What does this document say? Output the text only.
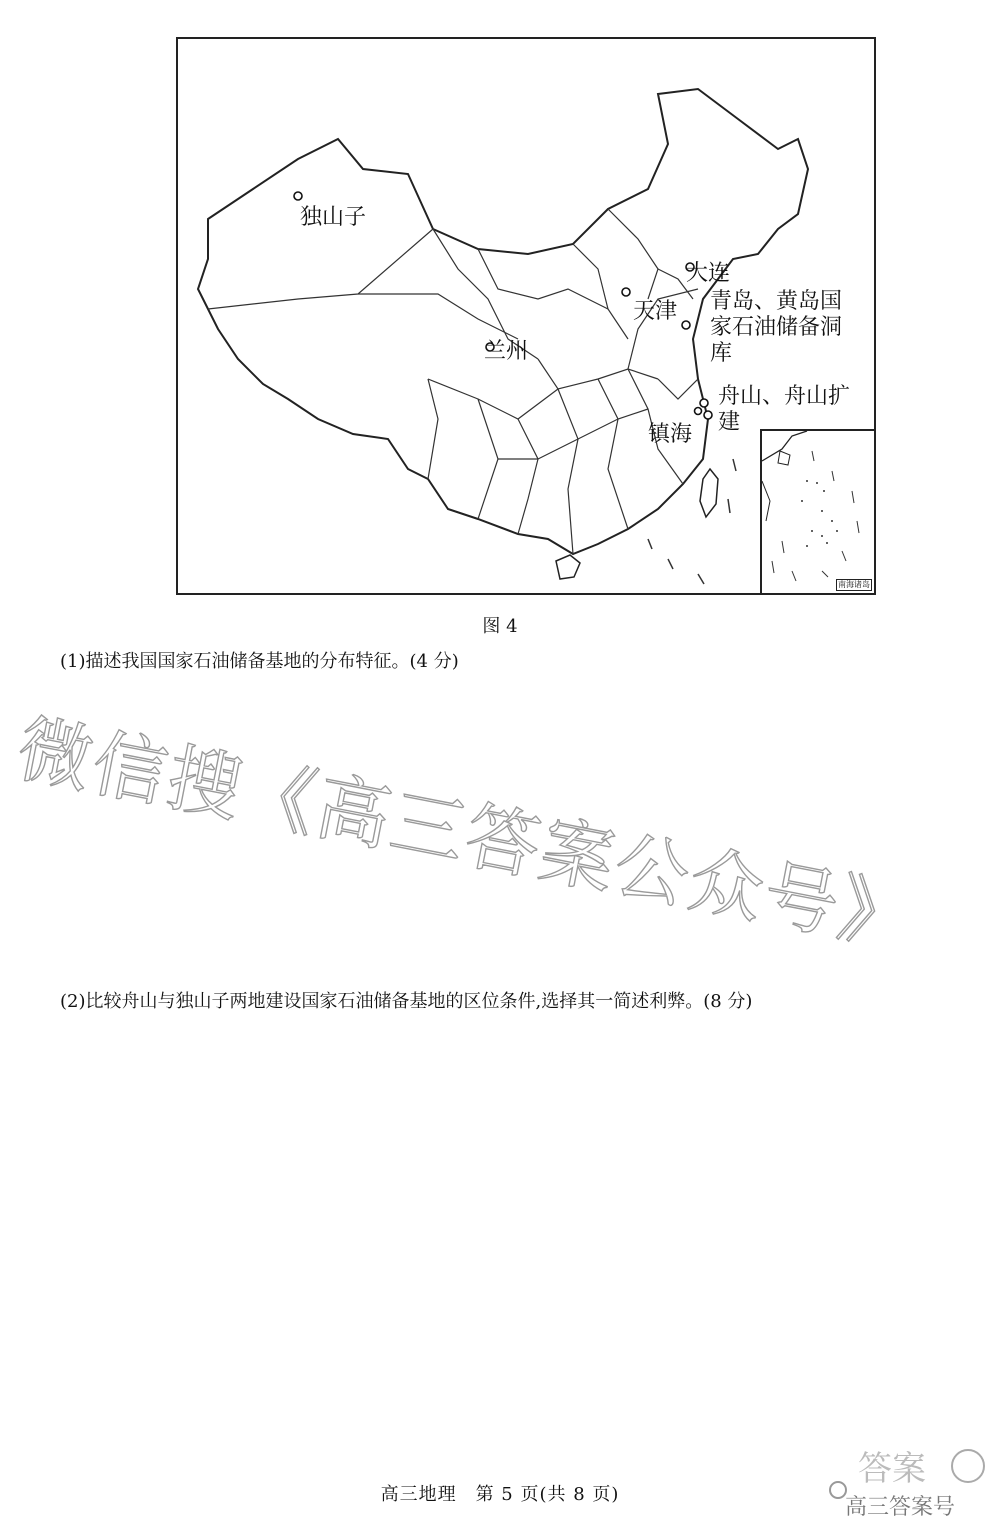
独山子
兰州
天津
大连
青岛、黄岛国家石油储备洞库
舟山、舟山扩建
镇海
南海诸岛
图 4
微信搜《高三答案公众号》
(1)描述我国国家石油储备基地的分布特征。(4 分)
(2)比较舟山与独山子两地建设国家石油储备基地的区位条件,选择其一简述利弊。(8 分)
答案
高三答案号
高三地理　第 5 页(共 8 页)
